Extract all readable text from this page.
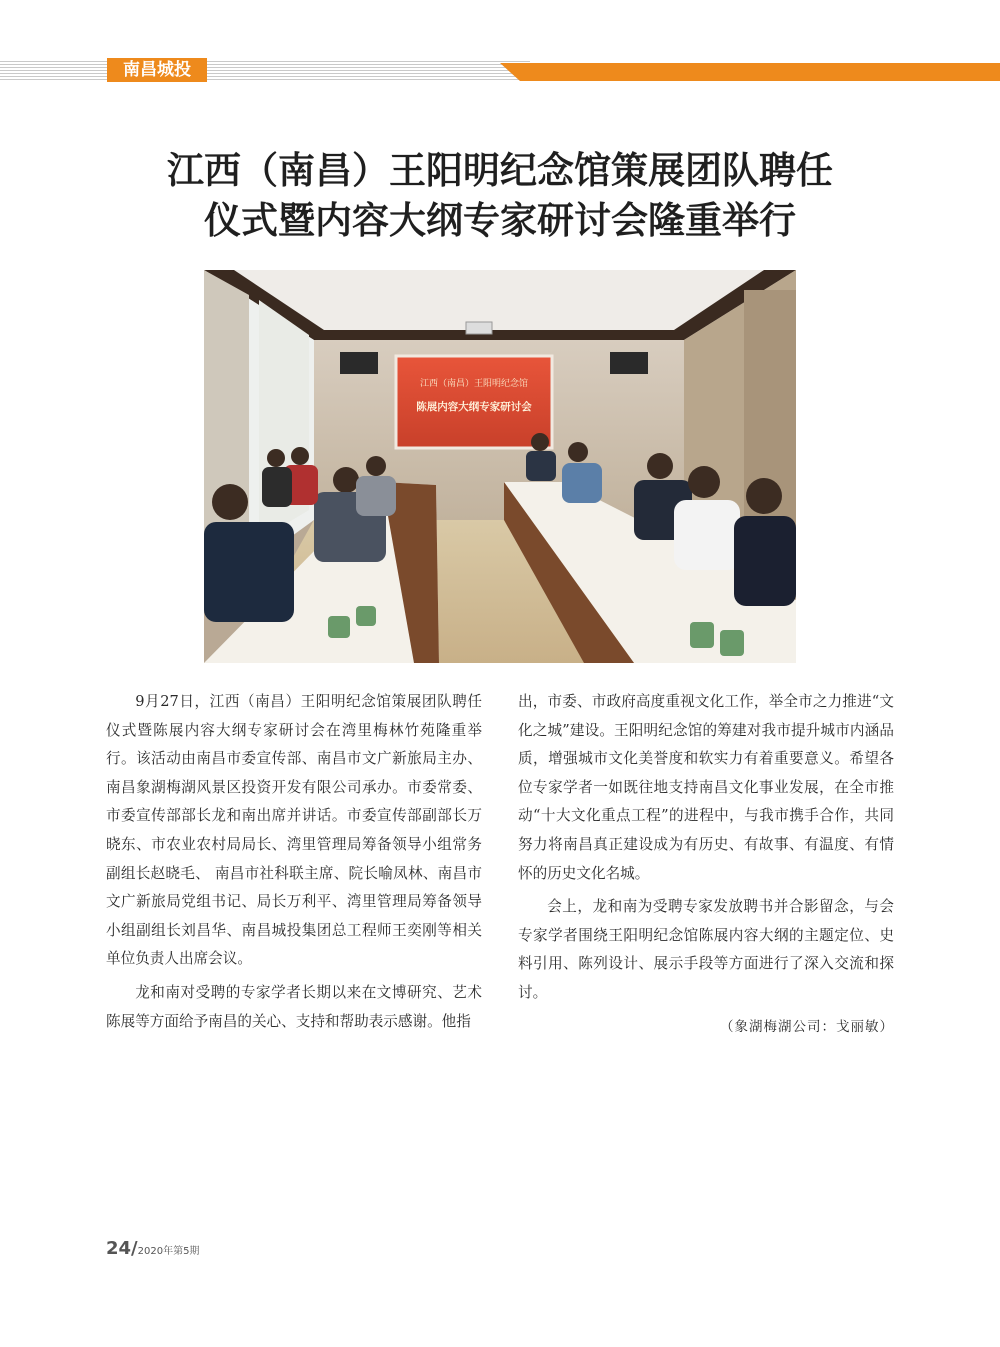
南昌城投
江西（南昌）王阳明纪念馆策展团队聘任
仪式暨内容大纲专家研讨会隆重举行
江西（南昌）王阳明纪念馆
陈展内容大纲专家研讨会

9月27日，江西（南昌）王阳明纪念馆策展团队聘任仪式暨陈展内容大纲专家研讨会在湾里梅林竹苑隆重举行。该活动由南昌市委宣传部、南昌市文广新旅局主办、南昌象湖梅湖风景区投资开发有限公司承办。市委常委、市委宣传部部长龙和南出席并讲话。市委宣传部副部长万晓东、市农业农村局局长、湾里管理局筹备领导小组常务副组长赵晓毛、 南昌市社科联主席、院长喻凤林、南昌市文广新旅局党组书记、局长万利平、湾里管理局筹备领导小组副组长刘昌华、南昌城投集团总工程师王奕刚等相关单位负责人出席会议。

龙和南对受聘的专家学者长期以来在文博研究、艺术陈展等方面给予南昌的关心、支持和帮助表示感谢。他指

出，市委、市政府高度重视文化工作，举全市之力推进“文化之城”建设。王阳明纪念馆的筹建对我市提升城市内涵品质，增强城市文化美誉度和软实力有着重要意义。希望各位专家学者一如既往地支持南昌文化事业发展，在全市推动“十大文化重点工程”的进程中，与我市携手合作，共同努力将南昌真正建设成为有历史、有故事、有温度、有情怀的历史文化名城。

会上，龙和南为受聘专家发放聘书并合影留念，与会专家学者围绕王阳明纪念馆陈展内容大纲的主题定位、史料引用、陈列设计、展示手段等方面进行了深入交流和探讨。

（象湖梅湖公司：戈丽敏）
24/2020年第5期
